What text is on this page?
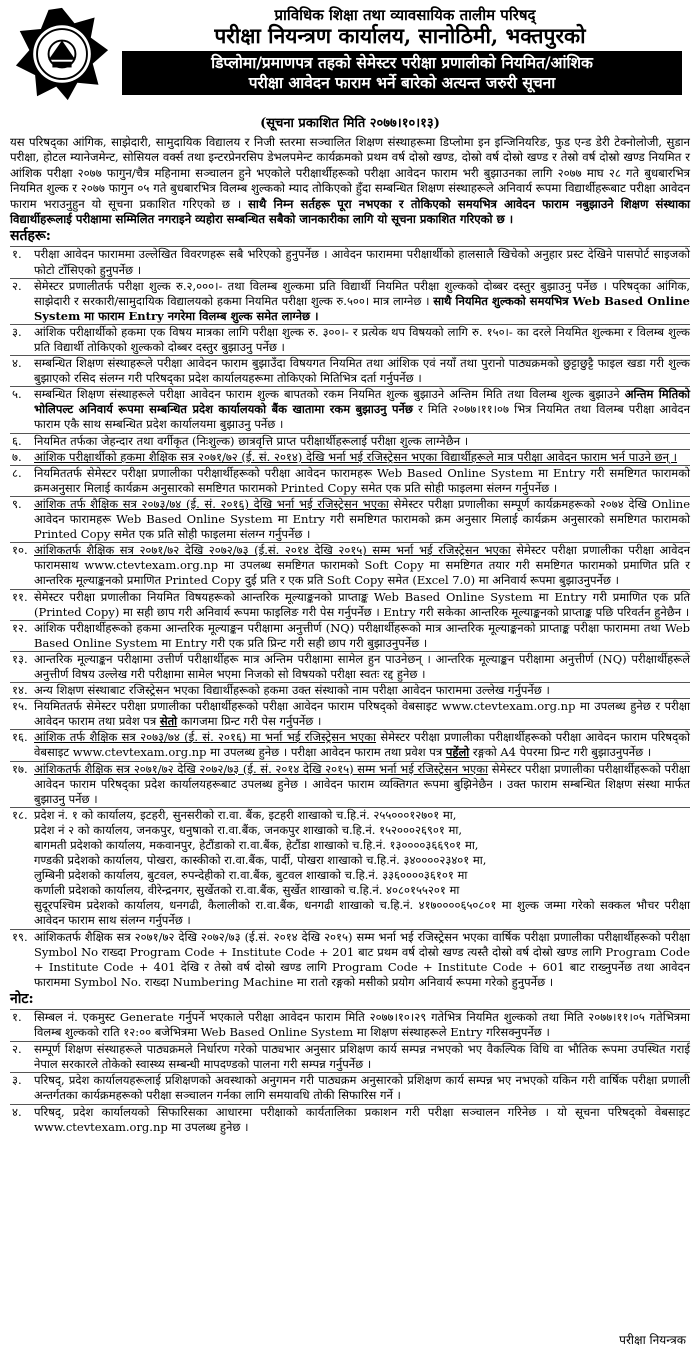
प्राविधिक शिक्षा तथा व्यावसायिक तालीम परिषद्
परीक्षा नियन्त्रण कार्यालय, सानोठिमी, भक्तपुरको
डिप्लोमा/प्रमाणपत्र तहको सेमेस्टर परीक्षा प्रणालीको नियमित/आंशिक
परीक्षा आवेदन फाराम भर्ने बारेको अत्यन्त जरुरी सूचना
(सूचना प्रकाशित मिति २०७७।१०।१३)

यस परिषद्का आंगिक, साझेदारी, सामुदायिक विद्यालय र निजी स्तरमा सञ्चालित शिक्षण संस्थाहरूमा डिप्लोमा इन इन्जिनियरिङ, फुड एन्ड डेरी टेक्नोलोजी, सुडान परीक्षा, होटल म्यानेजमेन्ट, सोसियल वर्क्स तथा इन्टरप्रेनरसिप डेभलपमेन्ट कार्यक्रमको प्रथम वर्ष दोस्रो खण्ड, दोस्रो वर्ष दोस्रो खण्ड र तेस्रो वर्ष दोस्रो खण्ड नियमित र आंशिक परीक्षा २०७७ फागुन/चैत्र महिनामा सञ्चालन हुने भएकोले परीक्षार्थीहरूको परीक्षा आवेदन फाराम भरी बुझाउनका लागि २०७७ माघ २८ गते बुधबारभित्र नियमित शुल्क र २०७७ फागुन ०५ गते बुधबारभित्र विलम्ब शुल्कको म्याद तोकिएको हुँदा सम्बन्धित शिक्षण संस्थाहरूले अनिवार्य रूपमा विद्यार्थीहरूबाट परीक्षा आवेदन फाराम भराउनुहुन यो सूचना प्रकाशित गरिएको छ । साथै निम्न सर्तहरू पूरा नभएका र तोकिएको समयभित्र आवेदन फाराम नबुझाउने शिक्षण संस्थाका विद्यार्थीहरूलाई परीक्षामा सम्मिलित नगराइने व्यहोरा सम्बन्धित सबैको जानकारीका लागि यो सूचना प्रकाशित गरिएको छ ।

सर्तहरू:
१. परीक्षा आवेदन फाराममा उल्लेखित विवरणहरू सबै भरिएको हुनुपर्नेछ । आवेदन फाराममा परीक्षार्थीको हालसालै खिचेको अनुहार प्रस्ट देखिने पासपोर्ट साइजको फोटो टाँसिएको हुनुपर्नेछ ।
२. सेमेस्टर प्रणालीतर्फ परीक्षा शुल्क रु.२,०००।- तथा विलम्ब शुल्कमा प्रति विद्यार्थी नियमित परीक्षा शुल्कको दोब्बर दस्तुर बुझाउनु पर्नेछ । परिषद्का आंगिक, साझेदारी र सरकारी/सामुदायिक विद्यालयको हकमा नियमित परीक्षा शुल्क रु.५००। मात्र लाग्नेछ । साथै नियमित शुल्कको समयभित्र Web Based Online System मा फाराम Entry नगरेमा विलम्ब शुल्क समेत लाग्नेछ ।
३. आंशिक परीक्षार्थीको हकमा एक विषय मात्रका लागि परीक्षा शुल्क रु. ३००।- र प्रत्येक थप विषयको लागि रु. १५०।- का दरले नियमित शुल्कमा र विलम्ब शुल्क प्रति विद्यार्थी तोकिएको शुल्कको दोब्बर दस्तुर बुझाउनु पर्नेछ ।
४. सम्बन्धित शिक्षण संस्थाहरूले परीक्षा आवेदन फाराम बुझाउँदा विषयगत नियमित तथा आंशिक एवं नयाँ तथा पुरानो पाठ्यक्रमको छुट्टाछुट्टै फाइल खडा गरी शुल्क बुझाएको रसिद संलग्न गरी परिषद्का प्रदेश कार्यालयहरूमा तोकिएको मितिभित्र दर्ता गर्नुपर्नेछ ।
५. सम्बन्धित शिक्षण संस्थाहरूले परीक्षा आवेदन फाराम शुल्क बापतको रकम नियमित शुल्क बुझाउने अन्तिम मिति तथा विलम्ब शुल्क बुझाउने अन्तिम मितिको भोलिपल्ट अनिवार्य रूपमा सम्बन्धित प्रदेश कार्यालयको बैंक खातामा रकम बुझाउनु पर्नेछ र मिति २०७७।११।०७ भित्र नियमित तथा विलम्ब परीक्षा आवेदन फाराम एकै साथ सम्बन्धित प्रदेश कार्यालयमा बुझाउनु पर्नेछ ।
६. नियमित तर्फका जेहन्दार तथा वर्गीकृत (निःशुल्क) छात्रवृत्ति प्राप्त परीक्षार्थीहरूलाई परीक्षा शुल्क लाग्नेछैन ।
७. आंशिक परीक्षार्थीको हकमा शैक्षिक सत्र २०७१/७२ (ई. सं. २०१४) देखि भर्ना भई रजिस्ट्रेसन भएका विद्यार्थीहरूले मात्र परीक्षा आवेदन फाराम भर्न पाउने छन् ।
८. नियमिततर्फ सेमेस्टर परीक्षा प्रणालीका परीक्षार्थीहरूको परीक्षा आवेदन फारामहरू Web Based Online System मा Entry गरी समष्टिगत फारामको क्रमअनुसार मिलाई कार्यक्रम अनुसारको समष्टिगत फारामको Printed Copy समेत एक प्रति सोही फाइलमा संलग्न गर्नुपर्नेछ ।
९. आंशिक तर्फ शैक्षिक सत्र २०७३/७४ (ई. सं. २०१६) देखि भर्ना भई रजिस्ट्रेसन भएका सेमेस्टर परीक्षा प्रणालीका सम्पूर्ण कार्यक्रमहरूको २०७४ देखि Online आवेदन फारामहरू Web Based Online System मा Entry गरी समष्टिगत फारामको क्रम अनुसार मिलाई कार्यक्रम अनुसारको समष्टिगत फारामको Printed Copy समेत एक प्रति सोही फाइलमा संलग्न गर्नुपर्नेछ ।
१०. आंशिकतर्फ शैक्षिक सत्र २०७१/७२ देखि २०७२/७३ (ई.सं. २०१४ देखि २०१५) सम्म भर्ना भई रजिस्ट्रेसन भएका सेमेस्टर परीक्षा प्रणालीका परीक्षा आवेदन फारामसाथ www.ctevtexam.org.np मा उपलब्ध समष्टिगत फारामको Soft Copy मा समष्टिगत तयार गरी समष्टिगत फारामको प्रमाणित प्रति र आन्तरिक मूल्याङ्कनको प्रमाणित Printed Copy दुई प्रति र एक प्रति Soft Copy समेत (Excel 7.0) मा अनिवार्य रूपमा बुझाउनुपर्नेछ ।
११. सेमेस्टर परीक्षा प्रणालीका नियमित विषयहरूको आन्तरिक मूल्याङ्कनको प्राप्ताङ्क Web Based Online System मा Entry गरी प्रमाणित एक प्रति (Printed Copy) मा सही छाप गरी अनिवार्य रूपमा फाइलिङ गरी पेस गर्नुपर्नेछ । Entry गरी सकेका आन्तरिक मूल्याङ्कनको प्राप्ताङ्क पछि परिवर्तन हुनेछैन ।
१२. आंशिक परीक्षार्थीहरूको हकमा आन्तरिक मूल्याङ्कन परीक्षामा अनुत्तीर्ण (NQ) परीक्षार्थीहरूको मात्र आन्तरिक मूल्याङ्कनको प्राप्ताङ्क परीक्षा फाराममा तथा Web Based Online System मा Entry गरी एक प्रति प्रिन्ट गरी सही छाप गरी बुझाउनुपर्नेछ ।
१३. आन्तरिक मूल्याङ्कन परीक्षामा उत्तीर्ण परीक्षार्थीहरू मात्र अन्तिम परीक्षामा सामेल हुन पाउनेछन् । आन्तरिक मूल्याङ्कन परीक्षामा अनुत्तीर्ण (NQ) परीक्षार्थीहरूले अनुत्तीर्ण विषय उल्लेख गरी परीक्षामा सामेल भएमा निजको सो विषयको परीक्षा स्वतः रद्द हुनेछ ।
१४. अन्य शिक्षण संस्थाबाट रजिस्ट्रेसन भएका विद्यार्थीहरूको हकमा उक्त संस्थाको नाम परीक्षा आवेदन फाराममा उल्लेख गर्नुपर्नेछ ।
१५. नियमिततर्फ सेमेस्टर परीक्षा प्रणालीका परीक्षार्थीहरूको परीक्षा आवेदन फाराम परिषद्को वेबसाइट www.ctevtexam.org.np मा उपलब्ध हुनेछ र परीक्षा आवेदन फाराम तथा प्रवेश पत्र सेतो कागजमा प्रिन्ट गरी पेस गर्नुपर्नेछ ।
१६. आंशिक तर्फ शैक्षिक सत्र २०७३/७४ (ई. सं. २०१६) मा भर्ना भई रजिस्ट्रेसन भएका सेमेस्टर परीक्षा प्रणालीका परीक्षार्थीहरूको परीक्षा आवेदन फाराम परिषद्को वेबसाइट www.ctevtexam.org.np मा उपलब्ध हुनेछ । परीक्षा आवेदन फाराम तथा प्रवेश पत्र पहेंलो रङ्गको A4 पेपरमा प्रिन्ट गरी बुझाउनुपर्नेछ ।
१७. आंशिकतर्फ शैक्षिक सत्र २०७१/७२ देखि २०७२/७३ (ई. सं. २०१४ देखि २०१५) सम्म भर्ना भई रजिस्ट्रेसन भएका सेमेस्टर परीक्षा प्रणालीका परीक्षार्थीहरूको परीक्षा आवेदन फाराम परिषद्का प्रदेश कार्यालयहरूबाट उपलब्ध हुनेछ । आवेदन फाराम व्यक्तिगत रूपमा बुझिनेछैन । उक्त फाराम सम्बन्धित शिक्षण संस्था मार्फत बुझाउनु पर्नेछ ।
१८. प्रदेश नं. १ को कार्यालय, इटहरी, सुनसरीको रा.वा. बैंक, इटहरी शाखाको च.हि.नं. २५५०००१२७०१ मा,
प्रदेश नं २ को कार्यालय, जनकपुर, धनुषाको रा.वा.बैंक, जनकपुर शाखाको च.हि.नं. १५२०००२६९०१ मा,
बागमती प्रदेशको कार्यालय, मकवानपुर, हेटौंडाको रा.वा.बैंक, हेटौंडा शाखाको च.हि.नं. १३००००३६६९०१ मा,
गण्डकी प्रदेशको कार्यालय, पोखरा, कास्कीको रा.वा.बैंक, पार्दी, पोखरा शाखाको च.हि.नं. ३४००००२३४०१ मा,
लुम्बिनी प्रदेशको कार्यालय, बुटवल, रुपन्देहीको रा.वा.बैंक, बुटवल शाखाको च.हि.नं. ३३६००००३६१०१ मा
कर्णाली प्रदेशको कार्यालय, वीरेन्द्रनगर, सुर्खेतको रा.वा.बैंक, सुर्खेत शाखाको च.हि.नं. ४०८०१५५२०१ मा
सुदूरपश्चिम प्रदेशको कार्यालय, धनगढी, कैलालीको रा.वा.बैंक, धनगढी शाखाको च.हि.नं. ४१७००००६५०८०१ मा शुल्क जम्मा गरेको सक्कल भौचर परीक्षा आवेदन फाराम साथ संलग्न गर्नुपर्नेछ ।
१९. आंशिकतर्फ शैक्षिक सत्र २०७१/७२ देखि २०७२/७३ (ई.सं. २०१४ देखि २०१५) सम्म भर्ना भई रजिस्ट्रेसन भएका वार्षिक परीक्षा प्रणालीका परीक्षार्थीहरूको परीक्षा Symbol No राख्दा Program Code + Institute Code + 201 बाट प्रथम वर्ष दोस्रो खण्ड त्यस्तै दोस्रो वर्ष दोस्रो खण्ड लागि Program Code + Institute Code + 401 देखि र तेस्रो वर्ष दोस्रो खण्ड लागि Program Code + Institute Code + 601 बाट राख्नुपर्नेछ तथा आवेदन फाराममा Symbol No. राख्दा Numbering Machine मा रातो रङ्गको मसीको प्रयोग अनिवार्य रूपमा गरेको हुनुपर्नेछ ।
नोट:
१. सिम्बल नं. एकमुस्ट Generate गर्नुपर्ने भएकाले परीक्षा आवेदन फाराम मिति २०७७।१०।२९ गतेभित्र नियमित शुल्कको तथा मिति २०७७।११।०५ गतेभित्रमा विलम्ब शुल्कको राति १२:०० बजेभित्रमा Web Based Online System मा शिक्षण संस्थाहरूले Entry गरिसक्नुपर्नेछ ।
२. सम्पूर्ण शिक्षण संस्थाहरूले पाठ्यक्रमले निर्धारण गरेको पाठ्यभार अनुसार प्रशिक्षण कार्य सम्पन्न नभएको भए वैकल्पिक विधि वा भौतिक रूपमा उपस्थित गराई नेपाल सरकारले तोकेको स्वास्थ्य सम्बन्धी मापदण्डको पालना गरी सम्पन्न गर्नुपर्नेछ ।
३. परिषद्, प्रदेश कार्यालयहरूलाई प्रशिक्षणको अवस्थाको अनुगमन गरी पाठ्यक्रम अनुसारको प्रशिक्षण कार्य सम्पन्न भए नभएको यकिन गरी वार्षिक परीक्षा प्रणाली अन्तर्गतका कार्यक्रमहरूको परीक्षा सञ्चालन गर्नका लागि समयावधि तोकी सिफारिस गर्ने ।
४. परिषद्, प्रदेश कार्यालयको सिफारिसका आधारमा परीक्षाको कार्यतालिका प्रकाशन गरी परीक्षा सञ्चालन गरिनेछ । यो सूचना परिषद्को वेबसाइट www.ctevtexam.org.np मा उपलब्ध हुनेछ ।
परीक्षा नियन्त्रक
